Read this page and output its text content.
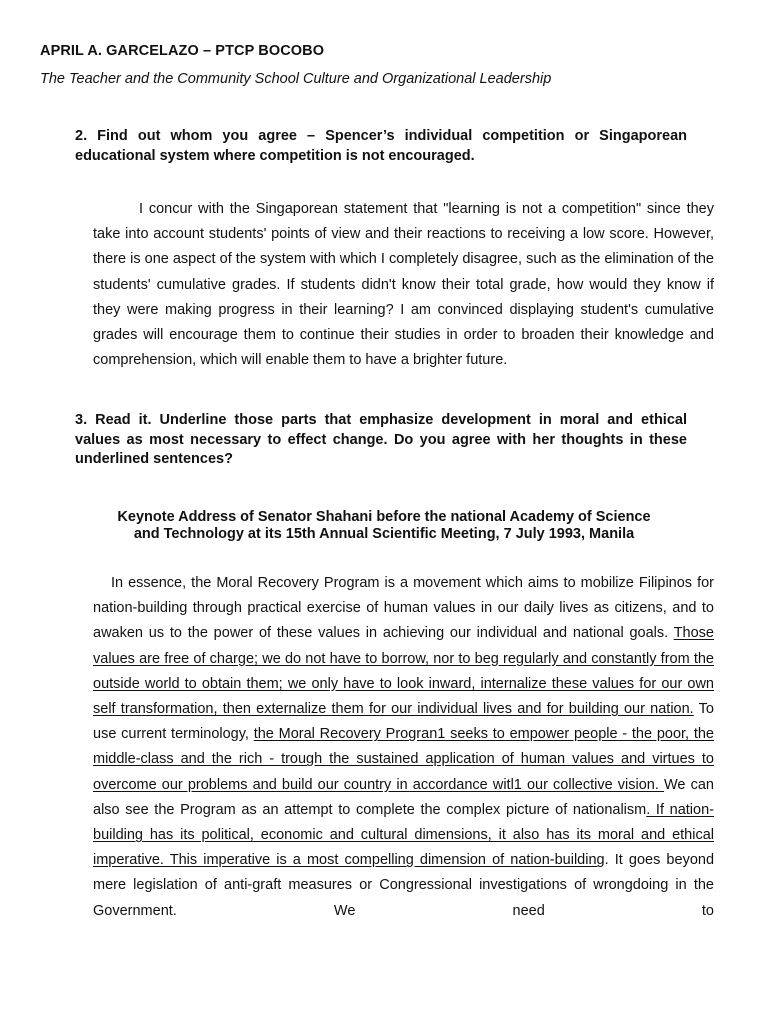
APRIL A. GARCELAZO – PTCP BOCOBO
The Teacher and the Community School Culture and Organizational Leadership
2. Find out whom you agree – Spencer’s individual competition or Singaporean educational system where competition is not encouraged.
I concur with the Singaporean statement that "learning is not a competition" since they take into account students' points of view and their reactions to receiving a low score. However, there is one aspect of the system with which I completely disagree, such as the elimination of the students' cumulative grades. If students didn't know their total grade, how would they know if they were making progress in their learning? I am convinced displaying student's cumulative grades will encourage them to continue their studies in order to broaden their knowledge and comprehension, which will enable them to have a brighter future.
3. Read it. Underline those parts that emphasize development in moral and ethical values as most necessary to effect change. Do you agree with her thoughts in these underlined sentences?
Keynote Address of Senator Shahani before the national Academy of Science and Technology at its 15th Annual Scientific Meeting, 7 July 1993, Manila
In essence, the Moral Recovery Program is a movement which aims to mobilize Filipinos for nation-building through practical exercise of human values in our daily lives as citizens, and to awaken us to the power of these values in achieving our individual and national goals. Those values are free of charge; we do not have to borrow, nor to beg regularly and constantly from the outside world to obtain them; we only have to look inward, internalize these values for our own self transformation, then externalize them for our individual lives and for building our nation. To use current terminology, the Moral Recovery Progran1 seeks to empower people - the poor, the middle-class and the rich - trough the sustained application of human values and virtues to overcome our problems and build our country in accordance witl1 our collective vision. We can also see the Program as an attempt to complete the complex picture of nationalism. If nation-building has its political, economic and cultural dimensions, it also has its moral and ethical imperative. This imperative is a most compelling dimension of nation-building. It goes beyond mere legislation of anti-graft measures or Congressional investigations of wrongdoing in the Government. We need to
